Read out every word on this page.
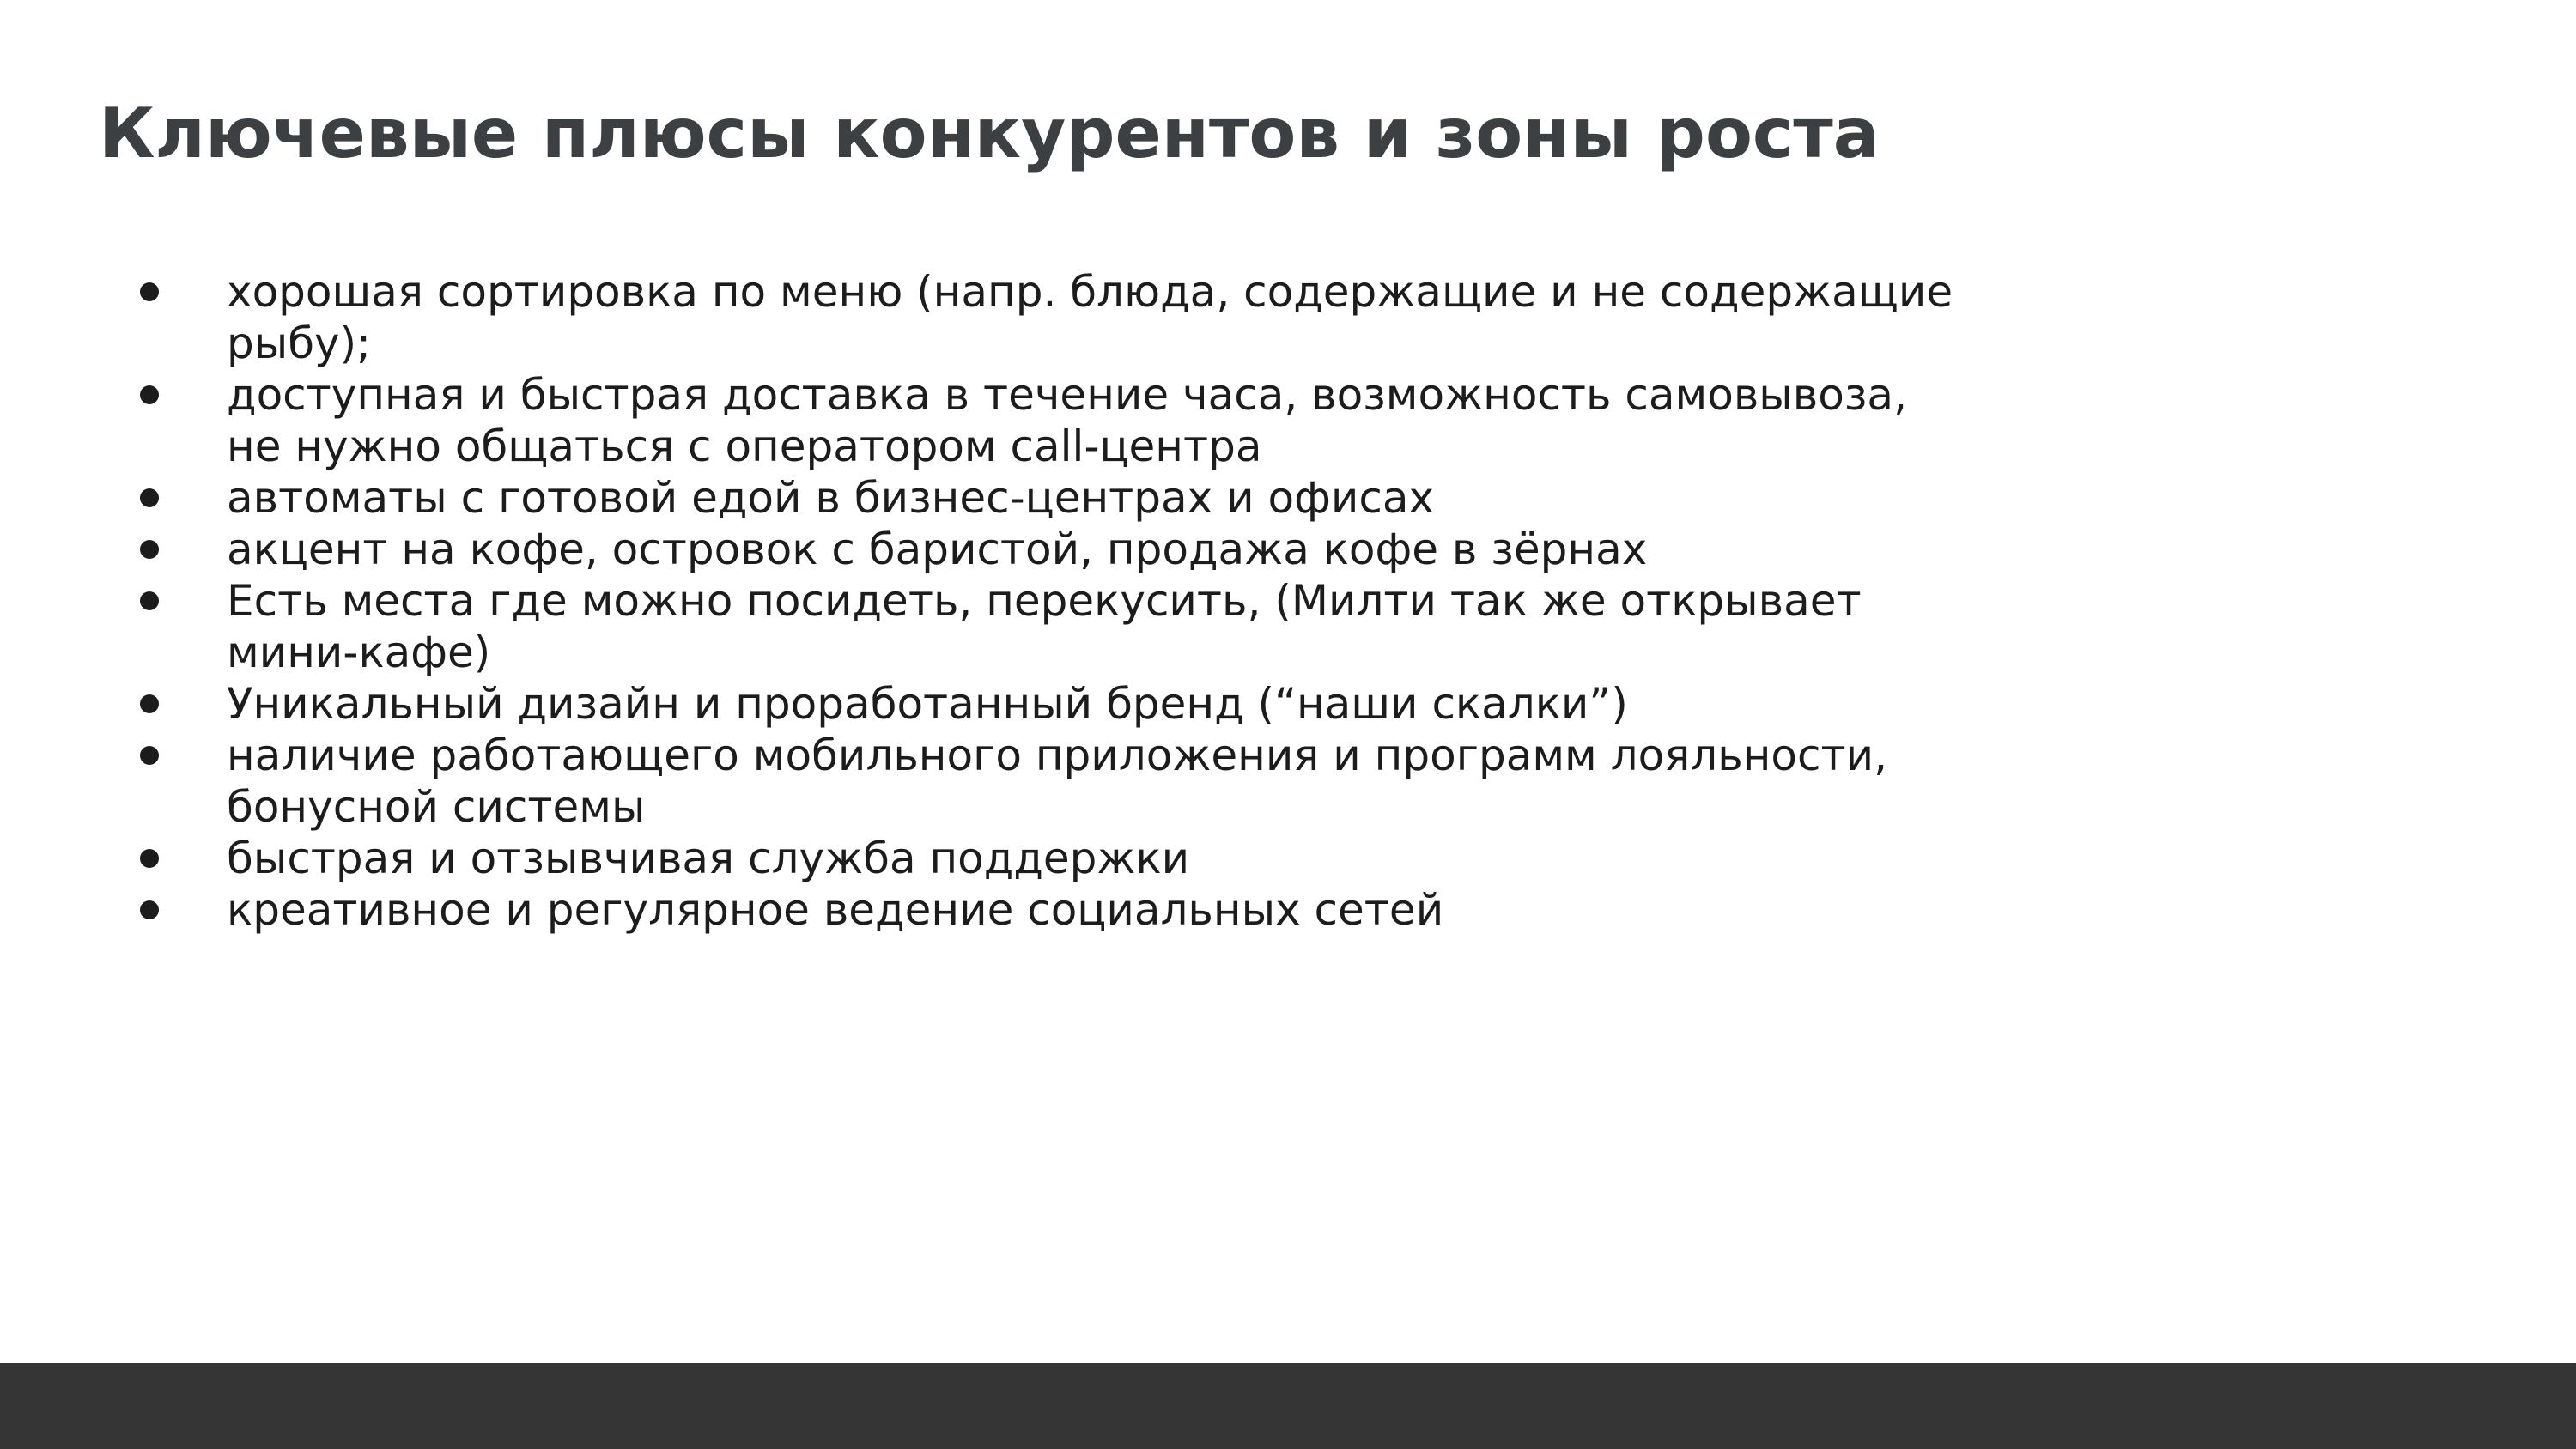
Ключевые плюсы конкурентов и зоны роста
хорошая сортировка по меню (напр. блюда, содержащие и не содержащие рыбу);
доступная и быстрая доставка в течение часа, возможность самовывоза, не нужно общаться с оператором call-центра
автоматы с готовой едой в бизнес-центрах и офисах
акцент на кофе, островок с баристой, продажа кофе в зёрнах
Есть места где можно посидеть, перекусить, (Милти так же открывает мини-кафе)
Уникальный дизайн и проработанный бренд (“наши скалки”)
наличие работающего мобильного приложения и программ лояльности, бонусной системы
быстрая и отзывчивая служба поддержки
креативное и регулярное ведение социальных сетей
